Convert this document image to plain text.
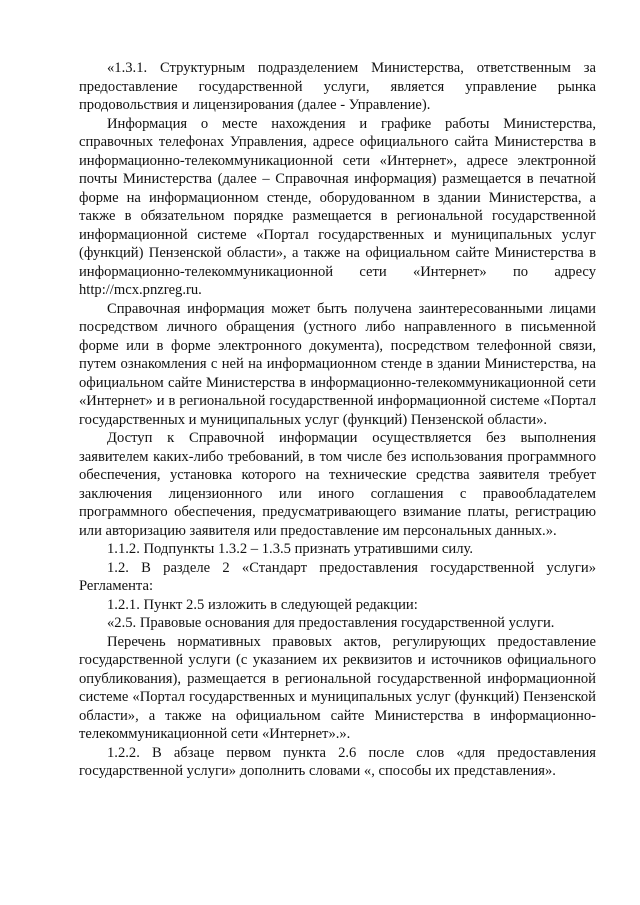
«1.3.1. Структурным подразделением Министерства, ответственным за предоставление государственной услуги, является управление рынка продовольствия и лицензирования (далее - Управление).

Информация о месте нахождения и графике работы Министерства, справочных телефонах Управления, адресе официального сайта Министерства в информационно-телекоммуникационной сети «Интернет», адресе электронной почты Министерства (далее – Справочная информация) размещается в печатной форме на информационном стенде, оборудованном в здании Министерства, а также в обязательном порядке размещается в региональной государственной информационной системе «Портал государственных и муниципальных услуг (функций) Пензенской области», а также на официальном сайте Министерства в информационно-телекоммуникационной сети «Интернет» по адресу http://mcx.pnzreg.ru.

Справочная информация может быть получена заинтересованными лицами посредством личного обращения (устного либо направленного в письменной форме или в форме электронного документа), посредством телефонной связи, путем ознакомления с ней на информационном стенде в здании Министерства, на официальном сайте Министерства в информационно-телекоммуникационной сети «Интернет» и в региональной государственной информационной системе «Портал государственных и муниципальных услуг (функций) Пензенской области».

Доступ к Справочной информации осуществляется без выполнения заявителем каких-либо требований, в том числе без использования программного обеспечения, установка которого на технические средства заявителя требует заключения лицензионного или иного соглашения с правообладателем программного обеспечения, предусматривающего взимание платы, регистрацию или авторизацию заявителя или предоставление им персональных данных.».

1.1.2. Подпункты 1.3.2 – 1.3.5 признать утратившими силу.

1.2. В разделе 2 «Стандарт предоставления государственной услуги» Регламента:

1.2.1. Пункт 2.5 изложить в следующей редакции:

«2.5. Правовые основания для предоставления государственной услуги.

Перечень нормативных правовых актов, регулирующих предоставление государственной услуги (с указанием их реквизитов и источников официального опубликования), размещается в региональной государственной информационной системе «Портал государственных и муниципальных услуг (функций) Пензенской области», а также на официальном сайте Министерства в информационно-телекоммуникационной сети «Интернет».».

1.2.2. В абзаце первом пункта 2.6 после слов «для предоставления государственной услуги» дополнить словами «, способы их представления».
